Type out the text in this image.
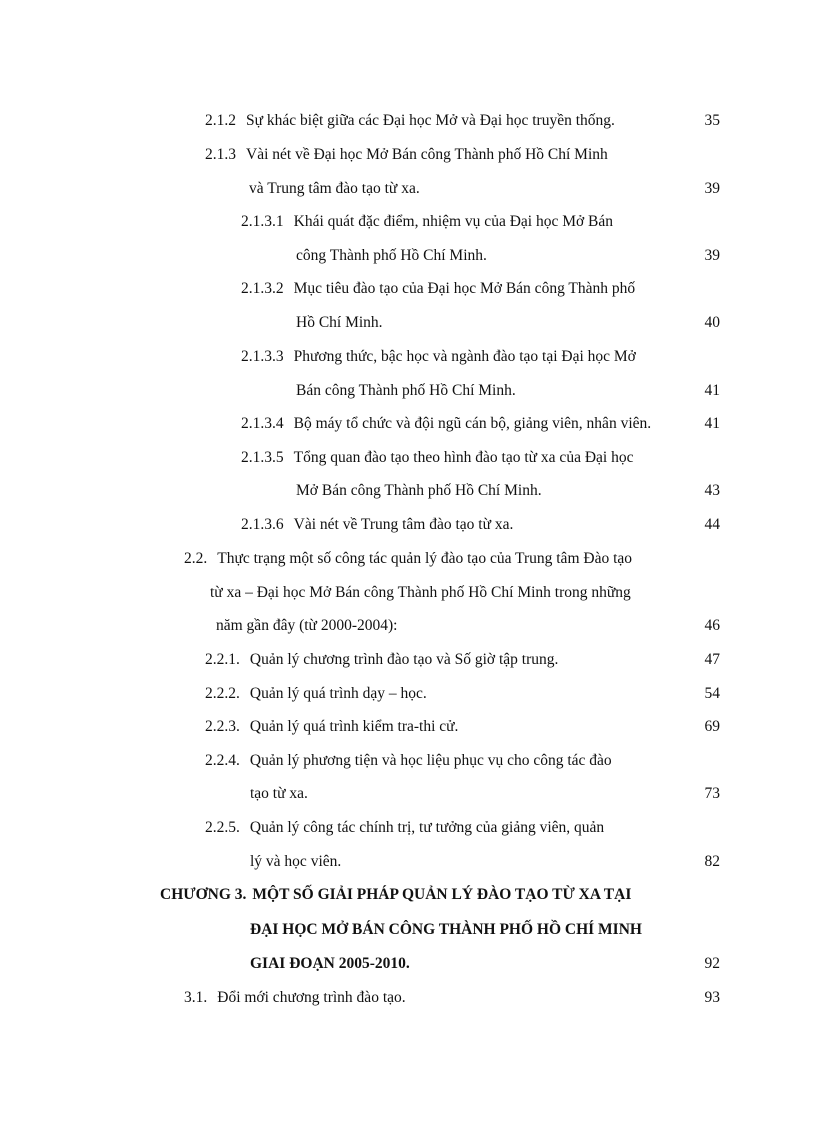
2.1.2 Sự khác biệt giữa các Đại học Mở và Đại học truyền thống.	35
2.1.3 Vài nét về Đại học Mở Bán công Thành phố Hồ Chí Minh
và Trung tâm đào tạo từ xa.	39
2.1.3.1 Khái quát đặc điểm, nhiệm vụ của Đại học Mở Bán
công Thành phố Hồ Chí Minh.	39
2.1.3.2 Mục tiêu đào tạo của Đại học Mở Bán công Thành phố
Hồ Chí Minh.	40
2.1.3.3 Phương thức, bậc học và ngành đào tạo tại Đại học Mở
Bán công Thành phố Hồ Chí Minh.	41
2.1.3.4 Bộ máy tổ chức và đội ngũ cán bộ, giảng viên, nhân viên.	41
2.1.3.5 Tổng quan đào tạo theo hình đào tạo từ xa của Đại học
Mở Bán công Thành phố Hồ Chí Minh.	43
2.1.3.6 Vài nét về Trung tâm đào tạo từ xa.	44
2.2. Thực trạng một số công tác quản lý đào tạo của Trung tâm Đào tạo
từ xa – Đại học Mở Bán công Thành phố Hồ Chí Minh trong những
năm gần đây (từ 2000-2004):	46
2.2.1. Quản lý chương trình đào tạo và Số giờ tập trung.	47
2.2.2. Quản lý quá trình dạy – học.	54
2.2.3. Quản lý quá trình kiểm tra-thi cử.	69
2.2.4. Quản lý phương tiện và học liệu phục vụ cho công tác đào
tạo từ xa.	73
2.2.5. Quản lý công tác chính trị, tư tưởng của giảng viên, quản
lý và học viên.	82
CHƯƠNG 3. MỘT SỐ GIẢI PHÁP QUẢN LÝ ĐÀO TẠO TỪ XA TẠI
ĐẠI HỌC MỞ BÁN CÔNG THÀNH PHỐ HỒ CHÍ MINH
GIAI ĐOẠN 2005-2010.	92
3.1. Đổi mới chương trình đào tạo.	93
